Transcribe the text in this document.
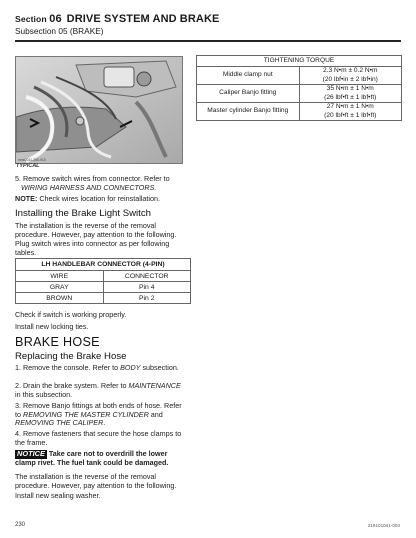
Section 06 DRIVE SYSTEM AND BRAKE
Subsection 05 (BRAKE)
mmr2011-250-015
TYPICAL
TIGHTENING TORQUE	
Middle clamp nut	2.3 N•m ± 0.2 N•m
(20 lbf•in ± 2 lbf•in)

Caliper Banjo fitting	35 N•m ± 1 N•m
(26 lbf•ft ± 1 lbf•ft)

Master cylinder Banjo fitting	27 N•m ± 1 N•m
(20 lbf•ft ± 1 lbf•ft)

5. Remove switch wires from connector. Refer to
WIRING HARNESS AND CONNECTORS.

NOTE: Check wires location for reinstallation.

Installing the Brake Light Switch
The installation is the reverse of the removal procedure. However, pay attention to the following.
Plug switch wires into connector as per following tables.
LH HANDLEBAR CONNECTOR (4-PIN)	
WIRE	CONNECTOR
GRAY	Pin 4
BROWN	Pin 2
Check if switch is working properly.
Install new locking ties.
BRAKE HOSE
Replacing the Brake Hose
1. Remove the console. Refer to BODY subsection.
2. Drain the brake system. Refer to MAINTENANCE in this subsection.
3. Remove Banjo fittings at both ends of hose. Refer to REMOVING THE MASTER CYLINDER and REMOVING THE CALIPER.
4. Remove fasteners that secure the hose clamps to the frame.
NOTICE Take care not to overdrill the lower clamp rivet. The fuel tank could be damaged.
The installation is the reverse of the removal procedure. However, pay attention to the following.
Install new sealing washer.
230	219101041-003
